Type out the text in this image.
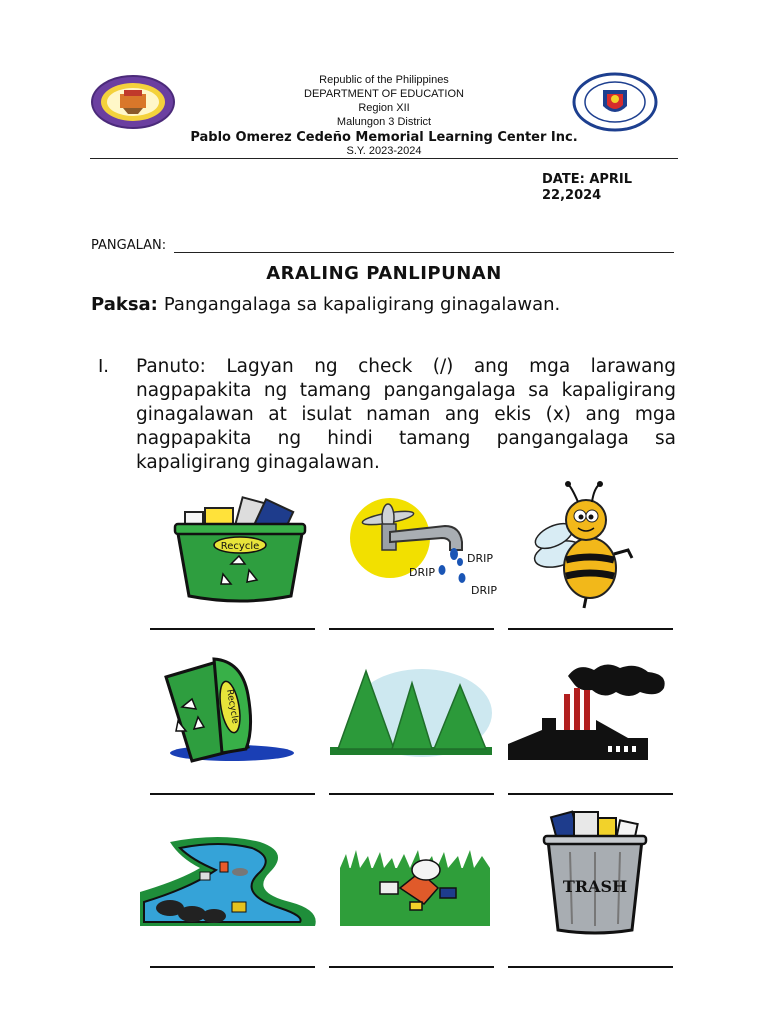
Republic of the Philippines
DEPARTMENT OF EDUCATION
Region XII
Malungon 3 District
Pablo Omerez Cedeño Memorial Learning Center Inc.
S.Y. 2023-2024
DATE: APRIL
22,2024
PANGALAN:
ARALING PANLIPUNAN
Paksa: Pangangalaga sa kapaligirang ginagalawan.
I. Panuto: Lagyan ng check (/) ang mga larawang nagpapakita ng tamang pangangalaga sa kapaligirang ginagalawan at isulat naman ang ekis (x) ang mga nagpapakita ng hindi tamang pangangalaga sa kapaligirang ginagalawan.
Recycle
DRIP
DRIP
DRIP
Recycle
TRASH
